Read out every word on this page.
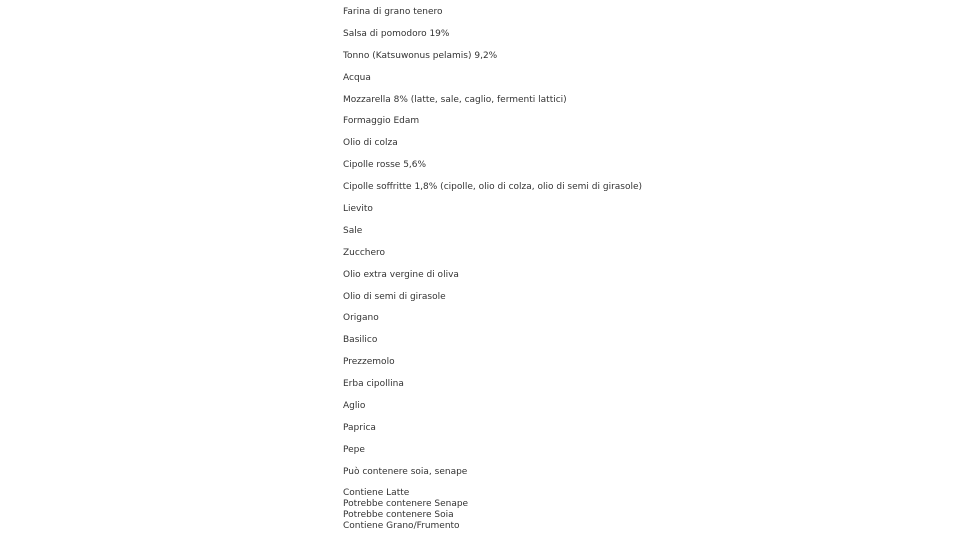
Farina di grano tenero
Salsa di pomodoro 19%
Tonno (Katsuwonus pelamis) 9,2%
Acqua
Mozzarella 8% (latte, sale, caglio, fermenti lattici)
Formaggio Edam
Olio di colza
Cipolle rosse 5,6%
Cipolle soffritte 1,8% (cipolle, olio di colza, olio di semi di girasole)
Lievito
Sale
Zucchero
Olio extra vergine di oliva
Olio di semi di girasole
Origano
Basilico
Prezzemolo
Erba cipollina
Aglio
Paprica
Pepe
Può contenere soia, senape
Contiene Latte
Potrebbe contenere Senape
Potrebbe contenere Soia
Contiene Grano/Frumento
